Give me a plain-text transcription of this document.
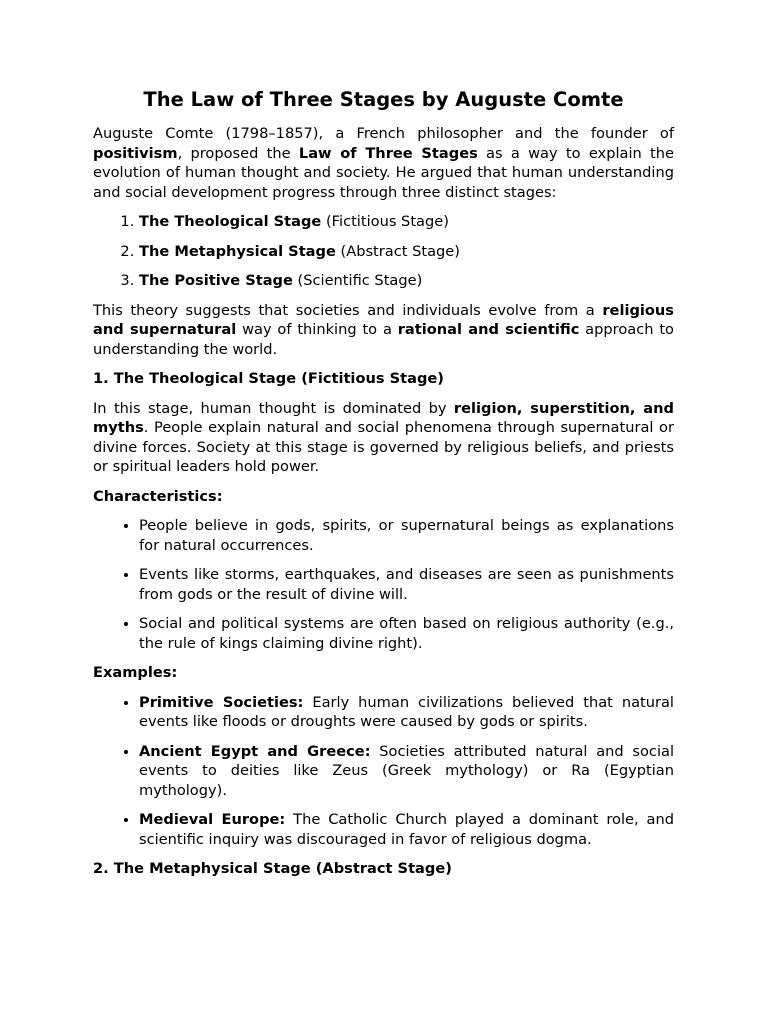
The Law of Three Stages by Auguste Comte

Auguste Comte (1798–1857), a French philosopher and the founder of positivism, proposed the Law of Three Stages as a way to explain the evolution of human thought and society. He argued that human understanding and social development progress through three distinct stages:

1. The Theological Stage (Fictitious Stage)
2. The Metaphysical Stage (Abstract Stage)
3. The Positive Stage (Scientific Stage)

This theory suggests that societies and individuals evolve from a religious and supernatural way of thinking to a rational and scientific approach to understanding the world.

1. The Theological Stage (Fictitious Stage)

In this stage, human thought is dominated by religion, superstition, and myths. People explain natural and social phenomena through supernatural or divine forces. Society at this stage is governed by religious beliefs, and priests or spiritual leaders hold power.

Characteristics:
• People believe in gods, spirits, or supernatural beings as explanations for natural occurrences.
• Events like storms, earthquakes, and diseases are seen as punishments from gods or the result of divine will.
• Social and political systems are often based on religious authority (e.g., the rule of kings claiming divine right).
Examples:
• Primitive Societies: Early human civilizations believed that natural events like floods or droughts were caused by gods or spirits.
• Ancient Egypt and Greece: Societies attributed natural and social events to deities like Zeus (Greek mythology) or Ra (Egyptian mythology).
• Medieval Europe: The Catholic Church played a dominant role, and scientific inquiry was discouraged in favor of religious dogma.
2. The Metaphysical Stage (Abstract Stage)
